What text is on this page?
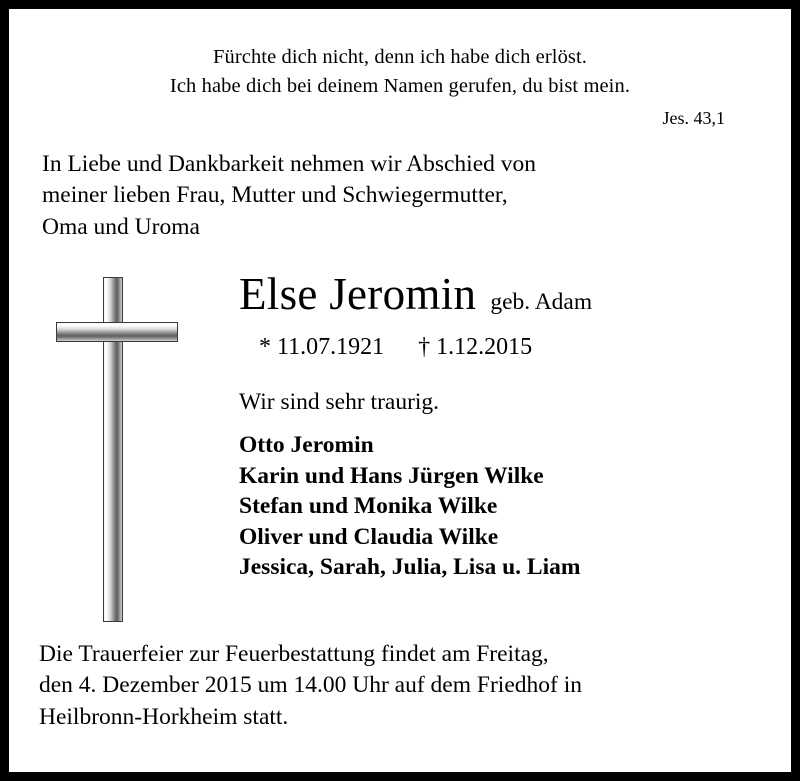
Fürchte dich nicht, denn ich habe dich erlöst.
Ich habe dich bei deinem Namen gerufen, du bist mein.
Jes. 43,1
In Liebe und Dankbarkeit nehmen wir Abschied von
meiner lieben Frau, Mutter und Schwiegermutter,
Oma und Uroma
Else Jeromin geb. Adam
* 11.07.1921 † 1.12.2015
Wir sind sehr traurig.
Otto Jeromin
Karin und Hans Jürgen Wilke
Stefan und Monika Wilke
Oliver und Claudia Wilke
Jessica, Sarah, Julia, Lisa u. Liam
Die Trauerfeier zur Feuerbestattung findet am Freitag,
den 4. Dezember 2015 um 14.00 Uhr auf dem Friedhof in
Heilbronn-Horkheim statt.
